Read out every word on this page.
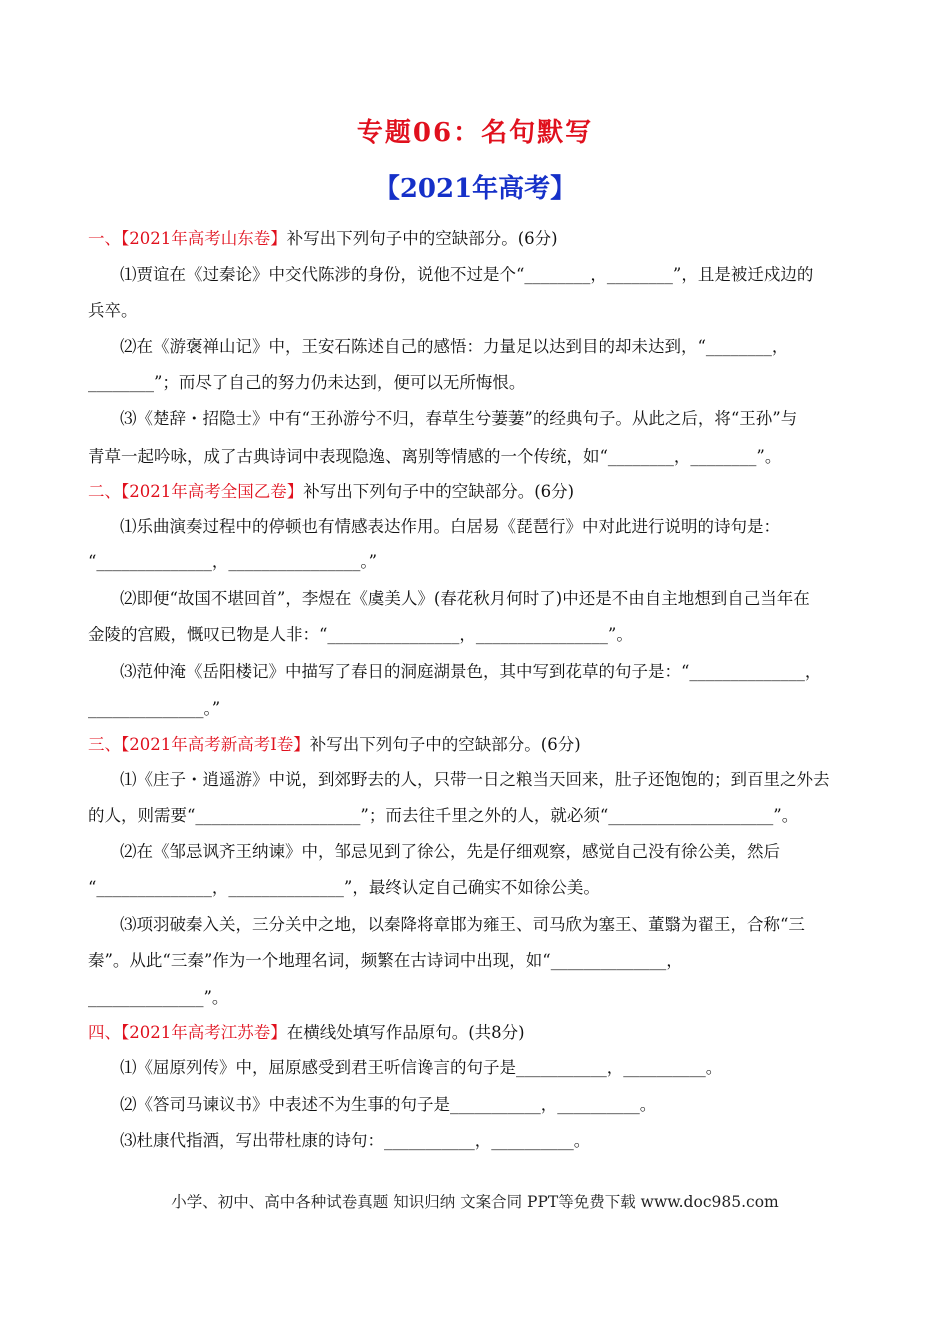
专题06：名句默写
【2021年高考】
一、【2021年高考山东卷】补写出下列句子中的空缺部分。(6分)
⑴贾谊在《过秦论》中交代陈涉的身份，说他不过是个“________，________”，且是被迁戍边的
兵卒。
⑵在《游褒禅山记》中，王安石陈述自己的感悟：力量足以达到目的却未达到，“________，
________”；而尽了自己的努力仍未达到，便可以无所悔恨。
⑶《楚辞・招隐士》中有“王孙游兮不归，春草生兮萋萋”的经典句子。从此之后，将“王孙”与
青草一起吟咏，成了古典诗词中表现隐逸、离别等情感的一个传统，如“________，________”。
二、【2021年高考全国乙卷】补写出下列句子中的空缺部分。(6分)
⑴乐曲演奏过程中的停顿也有情感表达作用。白居易《琵琶行》中对此进行说明的诗句是：
“______________，________________。”
⑵即便“故国不堪回首”，李煜在《虞美人》(春花秋月何时了)中还是不由自主地想到自己当年在
金陵的宫殿，慨叹已物是人非：“________________，________________”。
⑶范仲淹《岳阳楼记》中描写了春日的洞庭湖景色，其中写到花草的句子是：“______________，
______________。”
三、【2021年高考新高考Ⅰ卷】补写出下列句子中的空缺部分。(6分)
⑴《庄子・逍遥游》中说，到郊野去的人，只带一日之粮当天回来，肚子还饱饱的；到百里之外去
的人，则需要“____________________”；而去往千里之外的人，就必须“____________________”。
⑵在《邹忌讽齐王纳谏》中，邹忌见到了徐公，先是仔细观察，感觉自己没有徐公美，然后
“______________，______________”，最终认定自己确实不如徐公美。
⑶项羽破秦入关，三分关中之地，以秦降将章邯为雍王、司马欣为塞王、董翳为翟王，合称“三
秦”。从此“三秦”作为一个地理名词，频繁在古诗词中出现，如“______________，
______________”。
四、【2021年高考江苏卷】在横线处填写作品原句。(共8分)
⑴《屈原列传》中，屈原感受到君王听信谗言的句子是___________，__________。
⑵《答司马谏议书》中表述不为生事的句子是___________，__________。
⑶杜康代指酒，写出带杜康的诗句：___________，__________。
小学、初中、高中各种试卷真题 知识归纳 文案合同 PPT等免费下载 www.doc985.com
